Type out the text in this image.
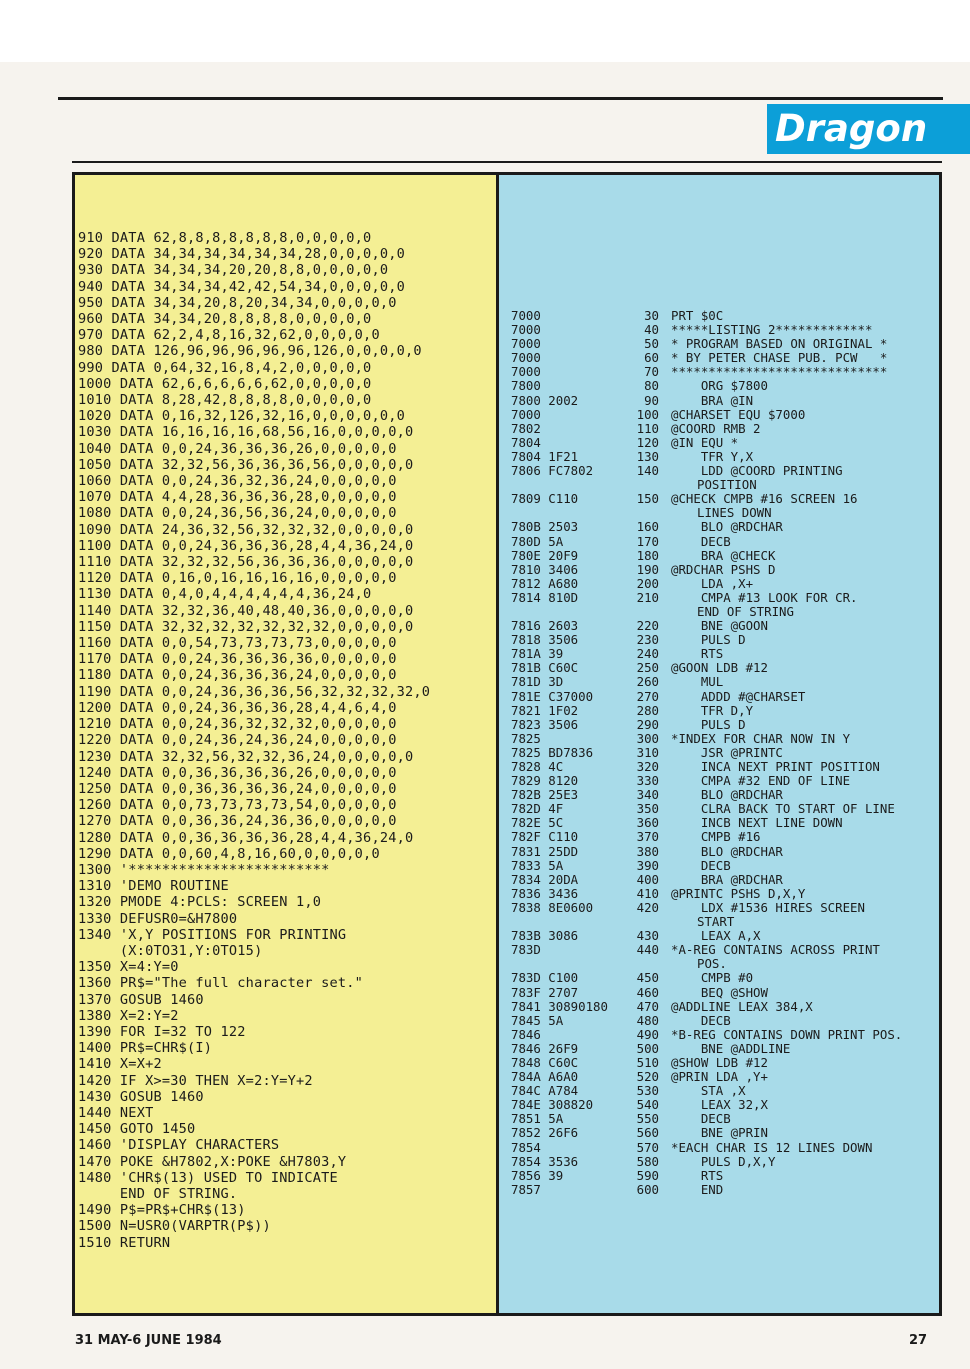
Dragon
910 DATA 62,8,8,8,8,8,8,8,0,0,0,0,0
920 DATA 34,34,34,34,34,34,28,0,0,0,0,0
930 DATA 34,34,34,20,20,8,8,0,0,0,0,0
940 DATA 34,34,34,42,42,54,34,0,0,0,0,0
950 DATA 34,34,20,8,20,34,34,0,0,0,0,0
960 DATA 34,34,20,8,8,8,8,0,0,0,0,0
970 DATA 62,2,4,8,16,32,62,0,0,0,0,0
980 DATA 126,96,96,96,96,96,126,0,0,0,0,0
990 DATA 0,64,32,16,8,4,2,0,0,0,0,0
1000 DATA 62,6,6,6,6,6,62,0,0,0,0,0
1010 DATA 8,28,42,8,8,8,8,0,0,0,0,0
1020 DATA 0,16,32,126,32,16,0,0,0,0,0,0
1030 DATA 16,16,16,16,68,56,16,0,0,0,0,0
1040 DATA 0,0,24,36,36,36,26,0,0,0,0,0
1050 DATA 32,32,56,36,36,36,56,0,0,0,0,0
1060 DATA 0,0,24,36,32,36,24,0,0,0,0,0
1070 DATA 4,4,28,36,36,36,28,0,0,0,0,0
1080 DATA 0,0,24,36,56,36,24,0,0,0,0,0
1090 DATA 24,36,32,56,32,32,32,0,0,0,0,0
1100 DATA 0,0,24,36,36,36,28,4,4,36,24,0
1110 DATA 32,32,32,56,36,36,36,0,0,0,0,0
1120 DATA 0,16,0,16,16,16,16,0,0,0,0,0
1130 DATA 0,4,0,4,4,4,4,4,4,36,24,0
1140 DATA 32,32,36,40,48,40,36,0,0,0,0,0
1150 DATA 32,32,32,32,32,32,32,0,0,0,0,0
1160 DATA 0,0,54,73,73,73,73,0,0,0,0,0
1170 DATA 0,0,24,36,36,36,36,0,0,0,0,0
1180 DATA 0,0,24,36,36,36,24,0,0,0,0,0
1190 DATA 0,0,24,36,36,36,56,32,32,32,32,0
1200 DATA 0,0,24,36,36,36,28,4,4,6,4,0
1210 DATA 0,0,24,36,32,32,32,0,0,0,0,0
1220 DATA 0,0,24,36,24,36,24,0,0,0,0,0
1230 DATA 32,32,56,32,32,36,24,0,0,0,0,0
1240 DATA 0,0,36,36,36,36,26,0,0,0,0,0
1250 DATA 0,0,36,36,36,36,24,0,0,0,0,0
1260 DATA 0,0,73,73,73,73,54,0,0,0,0,0
1270 DATA 0,0,36,36,24,36,36,0,0,0,0,0
1280 DATA 0,0,36,36,36,36,28,4,4,36,24,0
1290 DATA 0,0,60,4,8,16,60,0,0,0,0,0
1300 '************************
1310 'DEMO ROUTINE
1320 PMODE 4:PCLS: SCREEN 1,0
1330 DEFUSR0=&H7800
1340 'X,Y POSITIONS FOR PRINTING
(X:0TO31,Y:0TO15)
1350 X=4:Y=0
1360 PR$="The full character set."
1370 GOSUB 1460
1380 X=2:Y=2
1390 FOR I=32 TO 122
1400 PR$=CHR$(I)
1410 X=X+2
1420 IF X>=30 THEN X=2:Y=Y+2
1430 GOSUB 1460
1440 NEXT
1450 GOTO 1450
1460 'DISPLAY CHARACTERS
1470 POKE &H7802,X:POKE &H7803,Y
1480 'CHR$(13) USED TO INDICATE
END OF STRING.
1490 P$=PR$+CHR$(13)
1500 N=USR0(VARPTR(P$))
1510 RETURN
7000	30 PRT $0C
7000	40 *****LISTING 2*************
7000	50 * PROGRAM BASED ON ORIGINAL *
7000	60 * BY PETER CHASE PUB. PCW   *
7000	70 *****************************
7800	80 ORG $7800
7800 2002	90 BRA @IN
7000	100 @CHARSET EQU $7000
7802	110 @COORD RMB 2
7804	120 @IN EQU *
7804 1F21	130 TFR Y,X
7806 FC7802	140 LDD @COORD PRINTING
POSITION
7809 C110	150 @CHECK CMPB #16 SCREEN 16
LINES DOWN
780B 2503	160 BLO @RDCHAR
780D 5A	170 DECB
780E 20F9	180 BRA @CHECK
7810 3406	190 @RDCHAR PSHS D
7812 A680	200 LDA ,X+
7814 810D	210 CMPA #13 LOOK FOR CR.
END OF STRING
7816 2603	220 BNE @GOON
7818 3506	230 PULS D
781A 39	240 RTS
781B C60C	250 @GOON LDB #12
781D 3D	260 MUL
781E C37000	270 ADDD #@CHARSET
7821 1F02	280 TFR D,Y
7823 3506	290 PULS D
7825	300 *INDEX FOR CHAR NOW IN Y
7825 BD7836	310 JSR @PRINTC
7828 4C	320 INCA NEXT PRINT POSITION
7829 8120	330 CMPA #32 END OF LINE
782B 25E3	340 BLO @RDCHAR
782D 4F	350 CLRA BACK TO START OF LINE
782E 5C	360 INCB NEXT LINE DOWN
782F C110	370 CMPB #16
7831 25DD	380 BLO @RDCHAR
7833 5A	390 DECB
7834 20DA	400 BRA @RDCHAR
7836 3436	410 @PRINTC PSHS D,X,Y
7838 8E0600	420 LDX #1536 HIRES SCREEN
START
783B 3086	430 LEAX A,X
783D	440 *A-REG CONTAINS ACROSS PRINT
POS.
783D C100	450 CMPB #0
783F 2707	460 BEQ @SHOW
7841 30890180	470 @ADDLINE LEAX 384,X
7845 5A	480 DECB
7846	490 *B-REG CONTAINS DOWN PRINT POS.
7846 26F9	500 BNE @ADDLINE
7848 C60C	510 @SHOW LDB #12
784A A6A0	520 @PRIN LDA ,Y+
784C A784	530 STA ,X
784E 308820	540 LEAX 32,X
7851 5A	550 DECB
7852 26F6	560 BNE @PRIN
7854	570 *EACH CHAR IS 12 LINES DOWN
7854 3536	580 PULS D,X,Y
7856 39	590 RTS
7857	600 END
31 MAY-6 JUNE 1984	27
